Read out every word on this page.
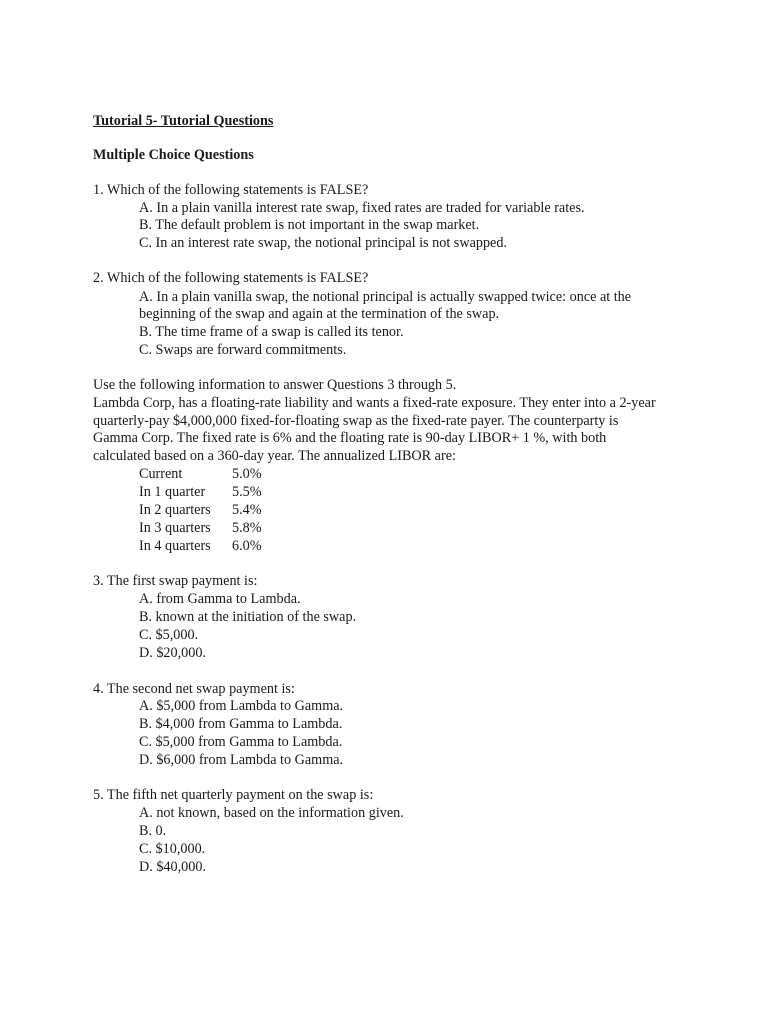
Tutorial 5- Tutorial Questions
Multiple Choice Questions
1. Which of the following statements is FALSE?
A. In a plain vanilla interest rate swap, fixed rates are traded for variable rates.
B. The default problem is not important in the swap market.
C. In an interest rate swap, the notional principal is not swapped.
2. Which of the following statements is FALSE?
A. In a plain vanilla swap, the notional principal is actually swapped twice: once at the
beginning of the swap and again at the termination of the swap.
B. The time frame of a swap is called its tenor.
C. Swaps are forward commitments.
Use the following information to answer Questions 3 through 5.
Lambda Corp, has a floating-rate liability and wants a fixed-rate exposure. They enter into a 2-year
quarterly-pay $4,000,000 fixed-for-floating swap as the fixed-rate payer. The counterparty is
Gamma Corp. The fixed rate is 6% and the floating rate is 90-day LIBOR+ 1 %, with both
calculated based on a 360-day year. The annualized LIBOR are:
Current	5.0%
In 1 quarter 5.5%
In 2 quarters 5.4%
In 3 quarters 5.8%
In 4 quarters 6.0%
3. The first swap payment is:
A. from Gamma to Lambda.
B. known at the initiation of the swap.
C. $5,000.
D. $20,000.
4. The second net swap payment is:
A. $5,000 from Lambda to Gamma.
B. $4,000 from Gamma to Lambda.
C. $5,000 from Gamma to Lambda.
D. $6,000 from Lambda to Gamma.
5. The fifth net quarterly payment on the swap is:
A. not known, based on the information given.
B. 0.
C. $10,000.
D. $40,000.
